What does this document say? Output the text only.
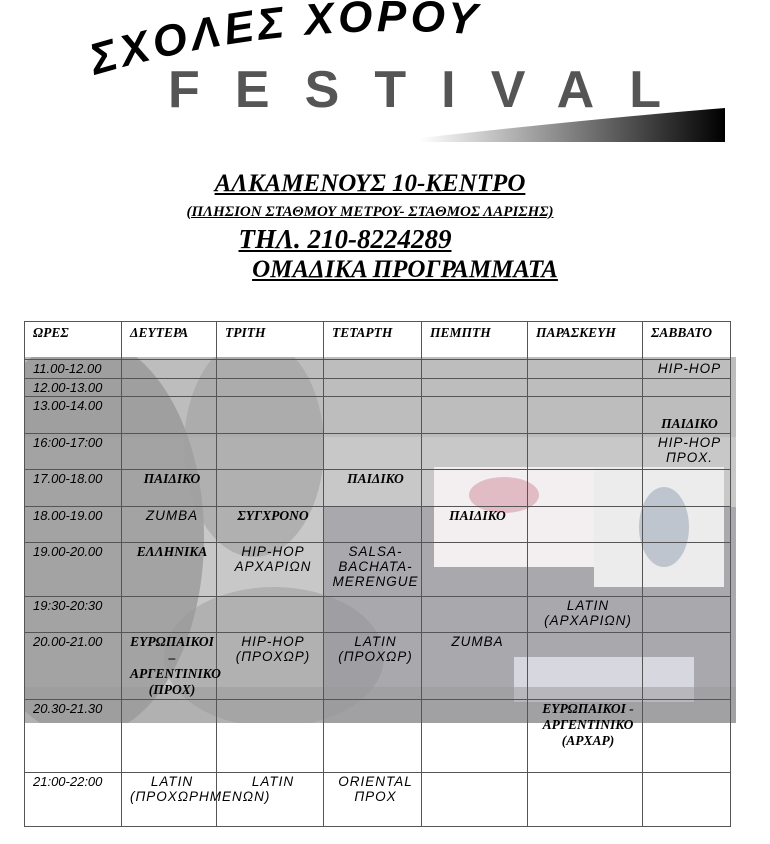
ΣΧΟΛΕΣ ΧΟΡΟΥ
FESTIVAL
ΑΛΚΑΜΕΝΟΥΣ 10-ΚΕΝΤΡΟ
(ΠΛΗΣΙΟΝ ΣΤΑΘΜΟΥ ΜΕΤΡΟΥ- ΣΤΑΘΜΟΣ ΛΑΡΙΣΗΣ)
ΤΗΛ. 210-8224289
ΟΜΑΔΙΚΑ ΠΡΟΓΡΑΜΜΑΤΑ
ΩΡΕΣ	ΔΕΥΤΕΡΑ	ΤΡΙΤΗ	ΤΕΤΑΡΤΗ	ΠΕΜΠΤΗ	ΠΑΡΑΣΚΕΥΗ	ΣΑΒΒΑΤΟ
11.00-12.00						HIP-HOP

12.00-13.00						
13.00-14.00						ΠΑΙΔΙΚΟ

16:00-17:00						HIP-HOP ΠΡΟΧ.

17.00-18.00	ΠΑΙΔΙΚΟ		ΠΑΙΔΙΚΟ			

18.00-19.00	ZUMBA	ΣΥΓΧΡΟΝΟ		ΠΑΙΔΙΚΟ		

19.00-20.00	ΕΛΛΗΝΙΚΑ	HIP-HOP ΑΡΧΑΡΙΩΝ	SALSA-BACHATA-MERENGUE			

19:30-20:30					LATIN (ΑΡΧΑΡΙΩΝ)	

20.00-21.00	ΕΥΡΩΠΑΙΚΟΙ – ΑΡΓΕΝΤΙΝΙΚΟ (ΠΡΟΧ)	HIP-HOP (ΠΡΟΧΩΡ)	LATIN (ΠΡΟΧΩΡ)	ZUMBA		

20.30-21.30					ΕΥΡΩΠΑΙΚΟΙ - ΑΡΓΕΝΤΙΝΙΚΟ (ΑΡΧΑΡ)	

21:00-22:00	LATIN (ΠΡΟΧΩΡΗΜΕΝΩΝ)	LATIN	ORIENTAL ΠΡΟΧ			
